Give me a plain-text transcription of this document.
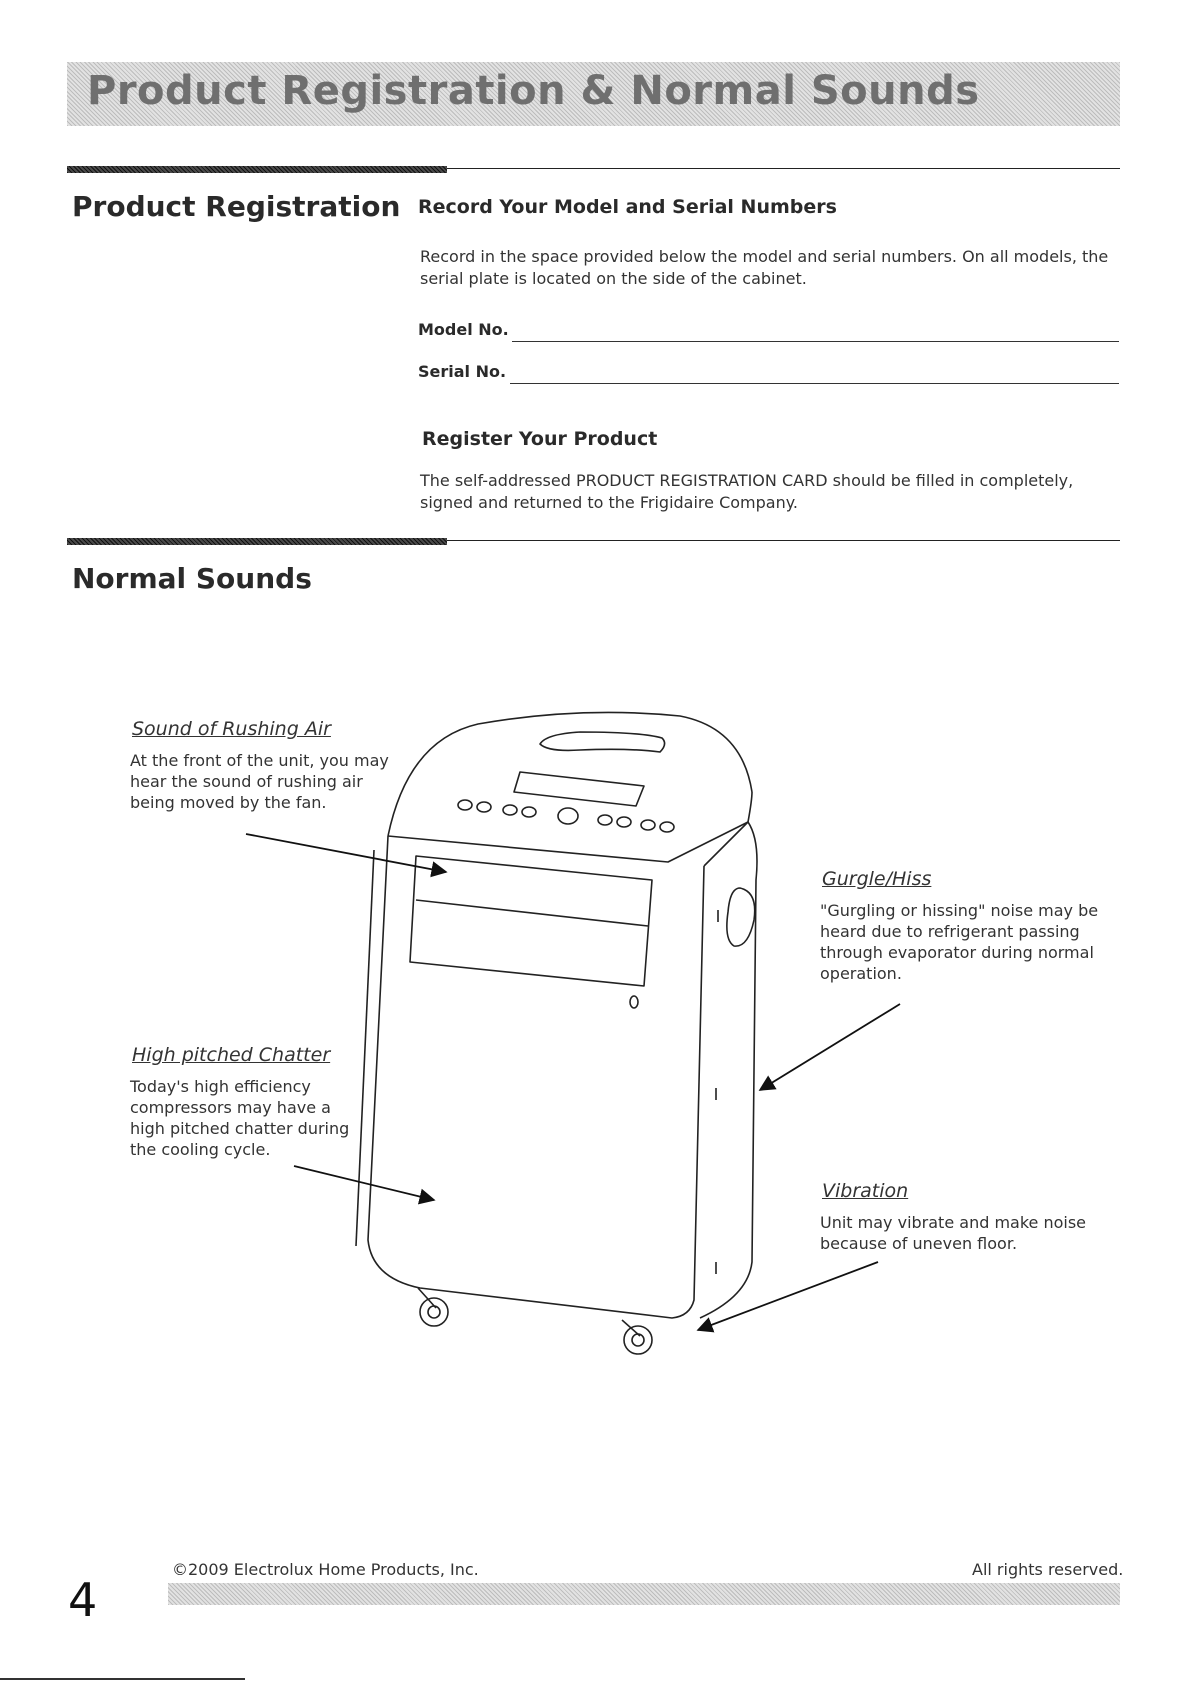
Product Registration & Normal Sounds
Product Registration Record Your Model and Serial Numbers
Record in the space provided below the model and serial numbers. On all models, the serial plate is located on the side of the cabinet.
Model No.
Serial No.
Register Your Product
The self-addressed PRODUCT REGISTRATION CARD should be filled in completely, signed and returned to the Frigidaire Company.
Normal Sounds
Sound of Rushing Air
At the front of the unit, you may hear the sound of rushing air being moved by the fan.
High pitched Chatter
Today's high efficiency compressors may have a high pitched chatter during the cooling cycle.
Gurgle/Hiss
"Gurgling or hissing" noise may be heard due to refrigerant passing through evaporator during normal operation.
Vibration
Unit may vibrate and make noise because of uneven floor.
4
©2009 Electrolux Home Products, Inc.	All rights reserved.
